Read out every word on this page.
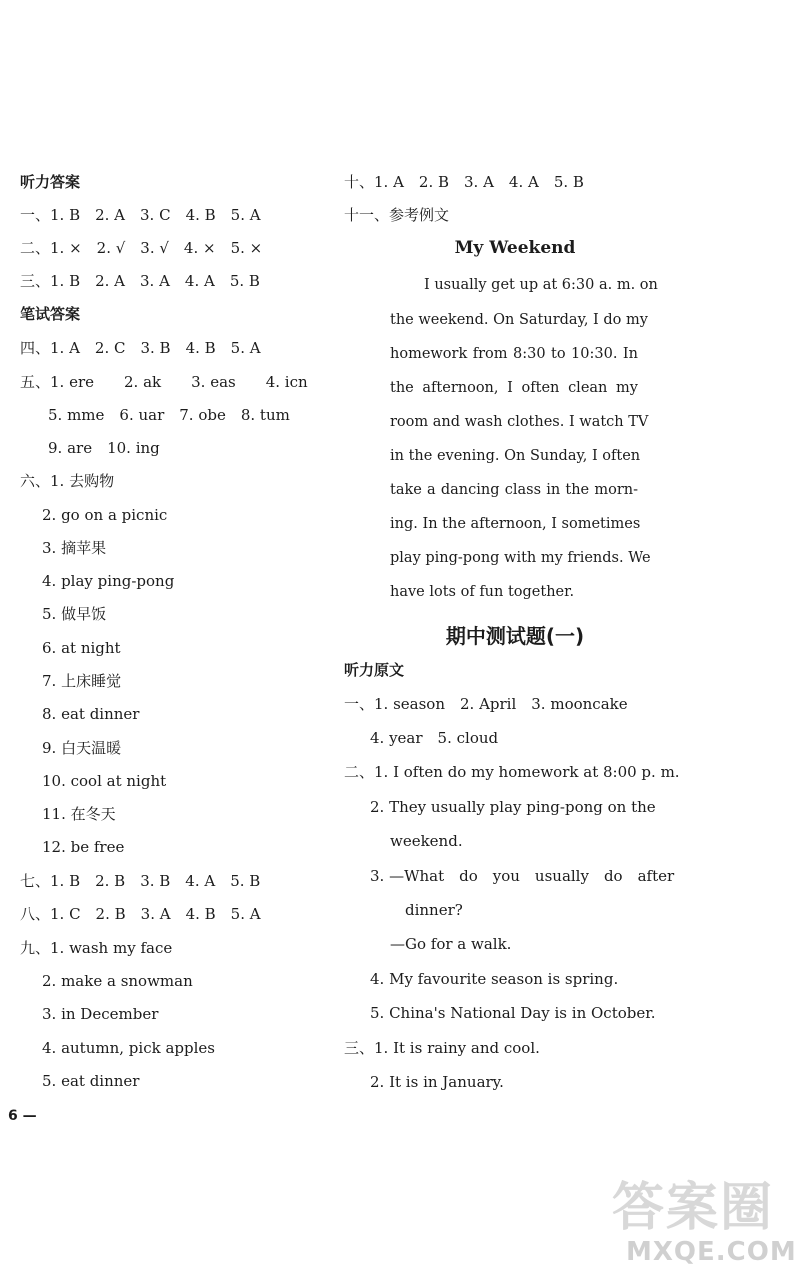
听力答案
一、1. B　2. A　3. C　4. B　5. A
二、1. ×　2. √　3. √　4. ×　5. ×
三、1. B　2. A　3. A　4. A　5. B
笔试答案
四、1. A　2. C　3. B　4. B　5. A
五、1. ere　　2. ak　　3. eas　　4. icn
5. mme　6. uar　7. obe　8. tum
9. are　10. ing
六、1. 去购物
2. go on a picnic
3. 摘苹果
4. play ping-pong
5. 做早饭
6. at night
7. 上床睡觉
8. eat dinner
9. 白天温暖
10. cool at night
11. 在冬天
12. be free
七、1. B　2. B　3. B　4. A　5. B
八、1. C　2. B　3. A　4. B　5. A
九、1. wash my face
2. make a snowman
3. in December
4. autumn, pick apples
5. eat dinner
十、1. A　2. B　3. A　4. A　5. B
十一、参考例文
My Weekend
I usually get up at 6:30 a. m. on
the weekend. On Saturday, I do my
homework from 8:30 to 10:30. In
the afternoon, I often clean my
room and wash clothes. I watch TV
in the evening. On Sunday, I often
take a dancing class in the morn-
ing. In the afternoon, I sometimes
play ping-pong with my friends. We
have lots of fun together.
期中测试题(一)
听力原文
一、1. season　2. April　3. mooncake
4. year　5. cloud
二、1. I often do my homework at 8:00 p. m.
2. They usually play ping-pong on the
weekend.
3. —What　do　you　usually　do　after
dinner?
—Go for a walk.
4. My favourite season is spring.
5. China's National Day is in October.
三、1. It is rainy and cool.
2. It is in January.
6 —
答案圈
MXQE.COM
